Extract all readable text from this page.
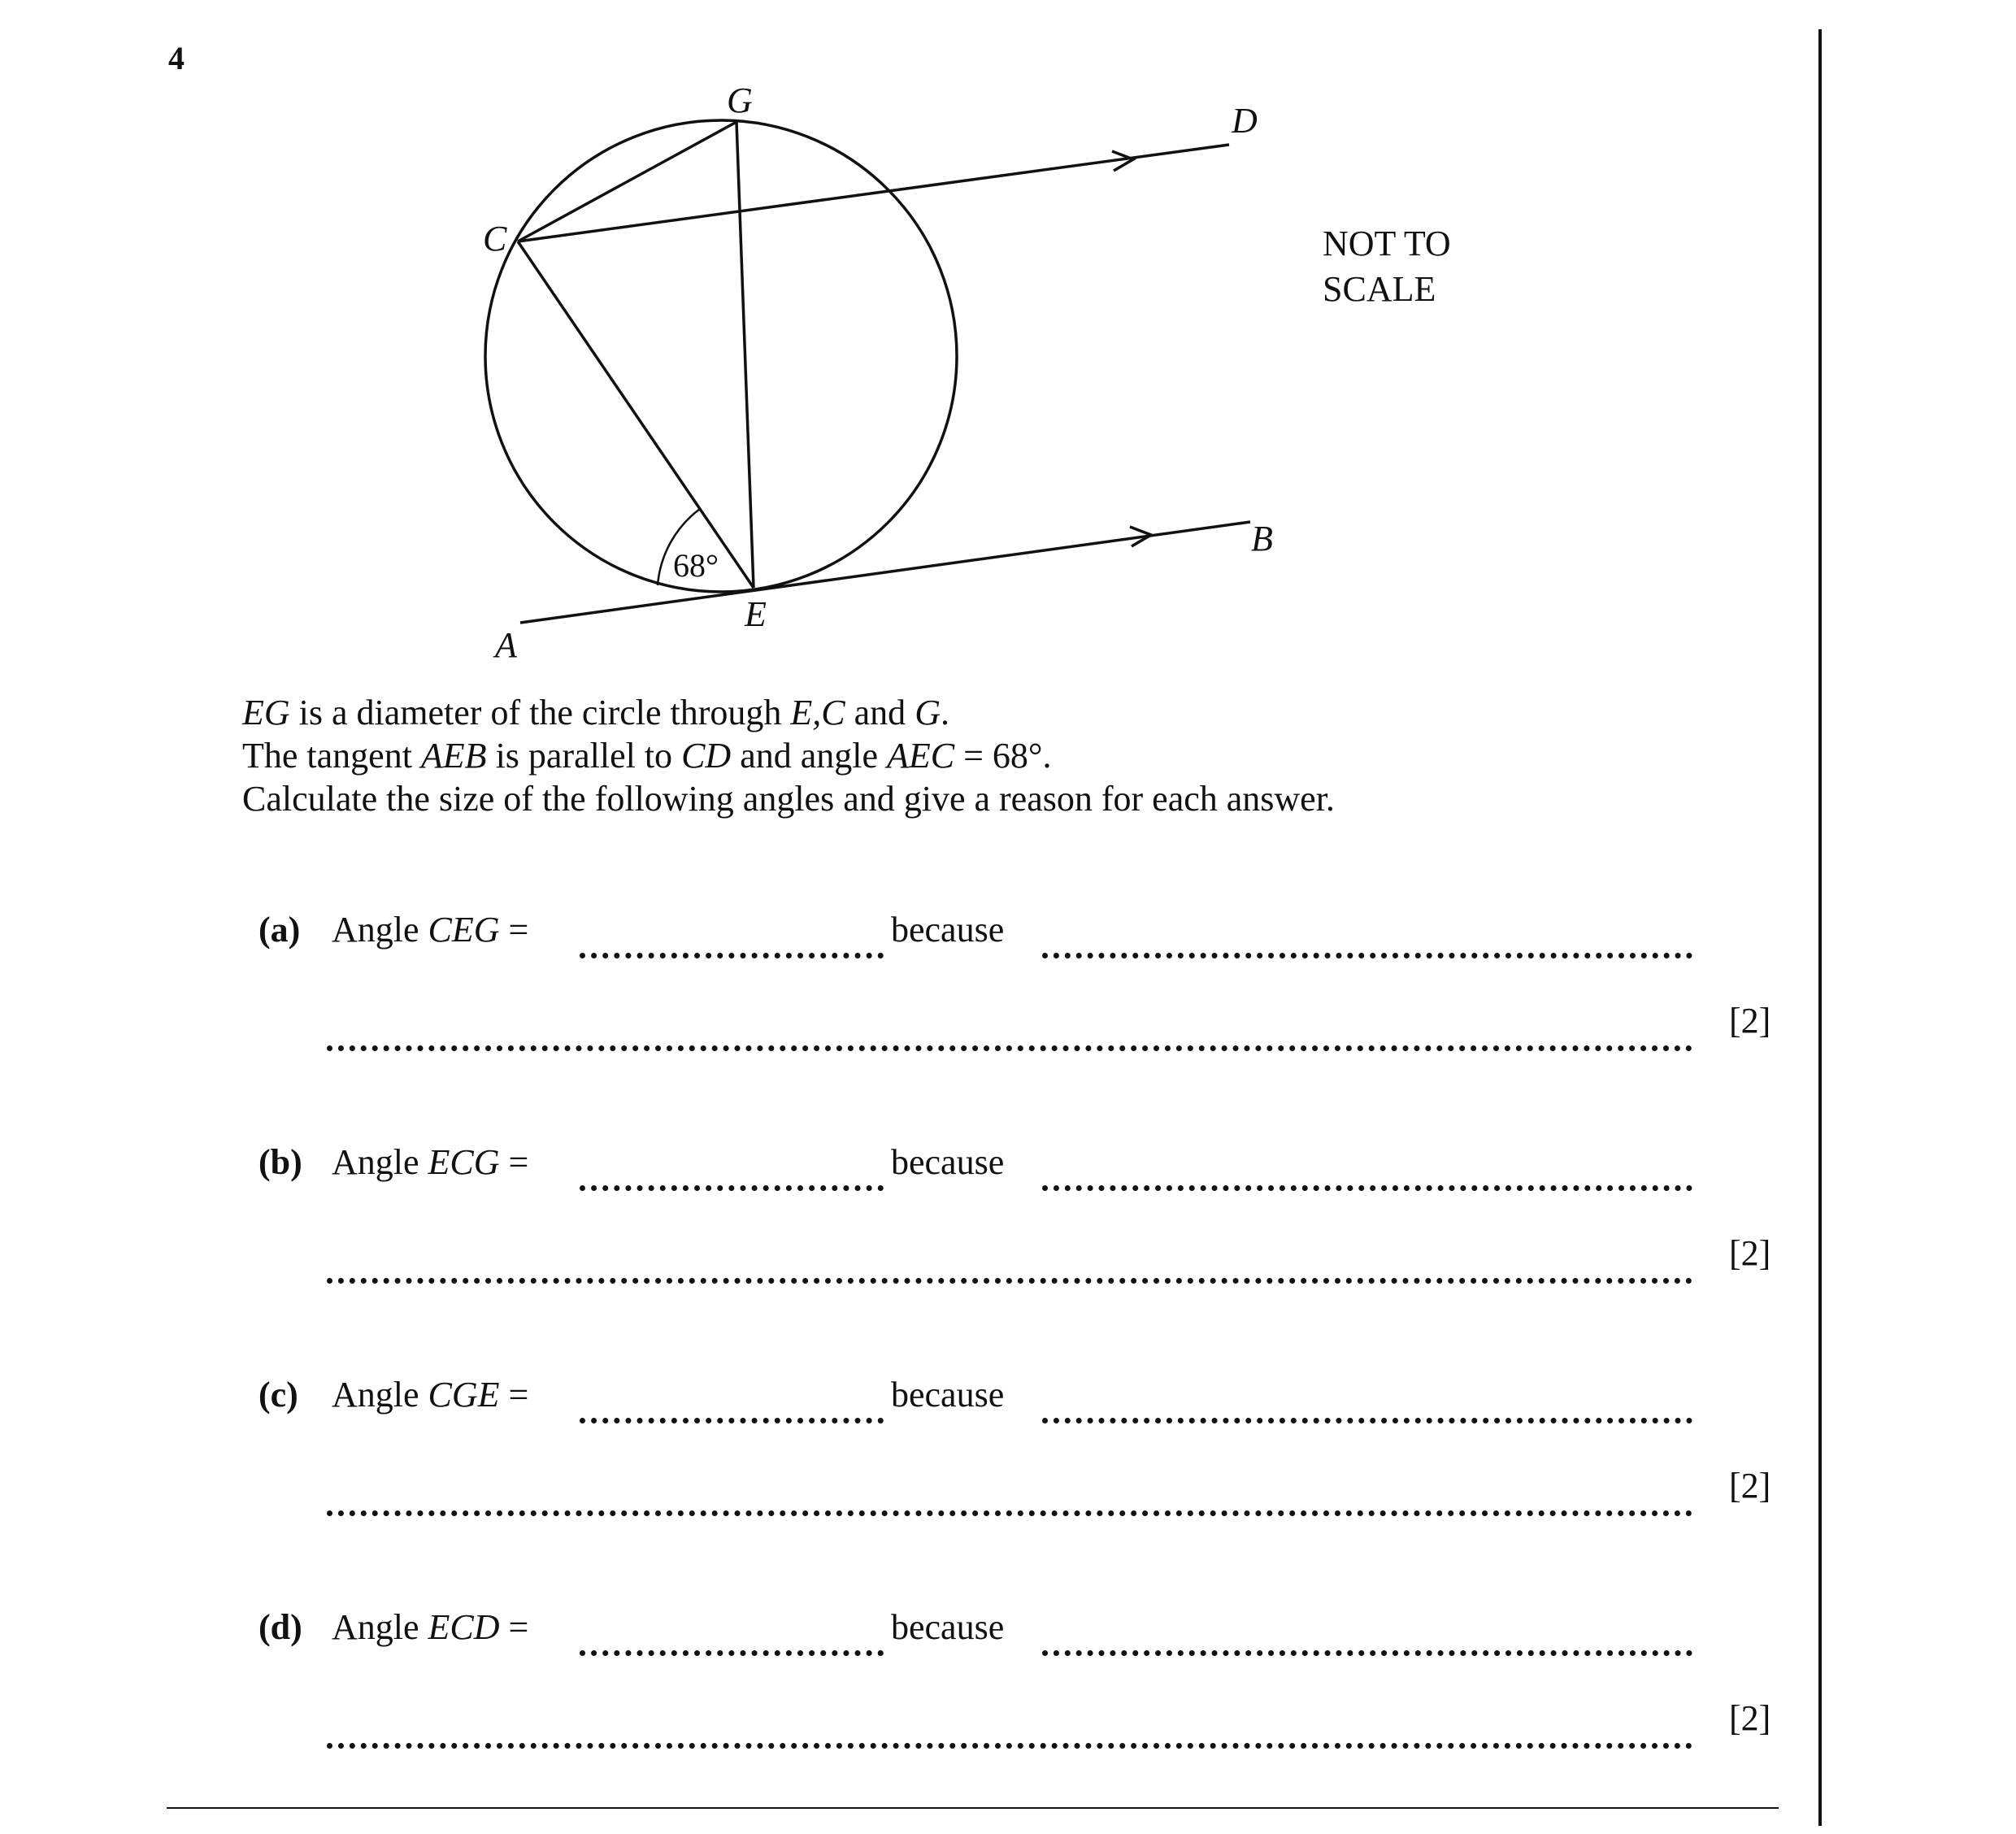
4
G
D
C
B
E
A
68°
NOT TO
SCALE

EG is a diameter of the circle through E,C and G.

The tangent AEB is parallel to CD and angle AEC = 68°.

Calculate the size of the following angles and give a reason for each answer.

(a) Angle CEG =	because
[2]
(b) Angle ECG =	because
[2]
(c) Angle CGE =	because
[2]
(d) Angle ECD =	because
[2]
